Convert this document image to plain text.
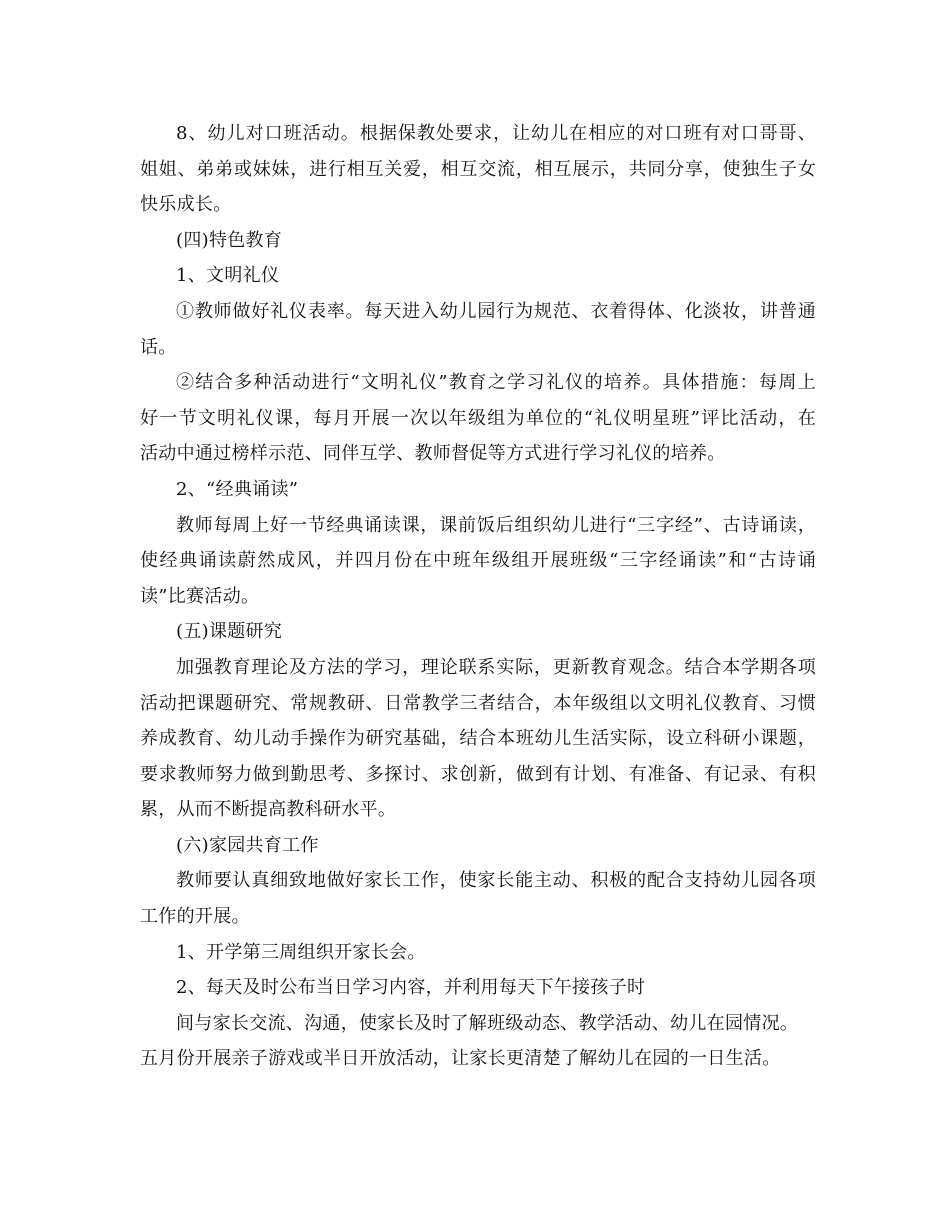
8、幼儿对口班活动。根据保教处要求，让幼儿在相应的对口班有对口哥哥、
姐姐、弟弟或妹妹，进行相互关爱，相互交流，相互展示，共同分享，使独生子女
快乐成长。
(四)特色教育
1、文明礼仪
①教师做好礼仪表率。每天进入幼儿园行为规范、衣着得体、化淡妆，讲普通
话。
②结合多种活动进行“文明礼仪”教育之学习礼仪的培养。具体措施：每周上
好一节文明礼仪课，每月开展一次以年级组为单位的“礼仪明星班”评比活动，在
活动中通过榜样示范、同伴互学、教师督促等方式进行学习礼仪的培养。
2、“经典诵读”
教师每周上好一节经典诵读课，课前饭后组织幼儿进行“三字经”、古诗诵读，
使经典诵读蔚然成风，并四月份在中班年级组开展班级“三字经诵读”和“古诗诵
读”比赛活动。
(五)课题研究
加强教育理论及方法的学习，理论联系实际，更新教育观念。结合本学期各项
活动把课题研究、常规教研、日常教学三者结合，本年级组以文明礼仪教育、习惯
养成教育、幼儿动手操作为研究基础，结合本班幼儿生活实际，设立科研小课题，
要求教师努力做到勤思考、多探讨、求创新，做到有计划、有准备、有记录、有积
累，从而不断提高教科研水平。
(六)家园共育工作
教师要认真细致地做好家长工作，使家长能主动、积极的配合支持幼儿园各项
工作的开展。
1、开学第三周组织开家长会。
2、每天及时公布当日学习内容，并利用每天下午接孩子时
间与家长交流、沟通，使家长及时了解班级动态、教学活动、幼儿在园情况。
五月份开展亲子游戏或半日开放活动，让家长更清楚了解幼儿在园的一日生活。
